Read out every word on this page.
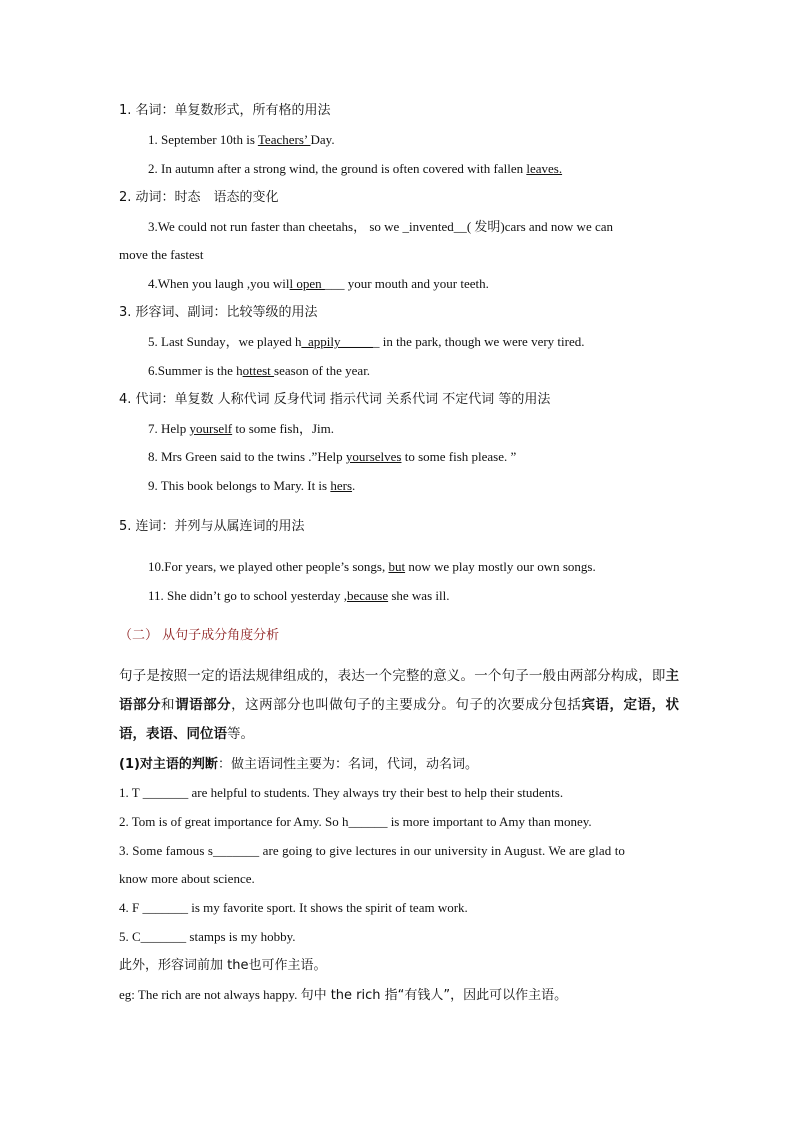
1. 名词：单复数形式，所有格的用法
1. September 10th is Teachers’ Day.
2. In autumn after a strong wind, the ground is often covered with fallen leaves.
2. 动词：时态　语态的变化
3.We could not run faster than cheetahs， so we _invented__( 发明)cars and now we can
move the fastest
4.When you laugh ,you will open ___ your mouth and your teeth.
3. 形容词、副词：比较等级的用法
5. Last Sunday，we played h_appily______ in the park, though we were very tired.
6.Summer is the hottest season of the year.
4. 代词：单复数 人称代词 反身代词 指示代词 关系代词 不定代词 等的用法
7. Help yourself to some fish，Jim.
8. Mrs Green said to the twins .”Help yourselves to some fish please. ”
9. This book belongs to Mary. It is hers.
5. 连词：并列与从属连词的用法
10.For years, we played other people’s songs, but now we play mostly our own songs.
11. She didn’t go to school yesterday ,because she was ill.
（二） 从句子成分角度分析
句子是按照一定的语法规律组成的，表达一个完整的意义。一个句子一般由两部分构成，即主语部分和谓语部分，这两部分也叫做句子的主要成分。句子的次要成分包括宾语，定语，状语，表语、同位语等。
(1)对主语的判断：做主语词性主要为：名词，代词，动名词。
1. T _______ are helpful to students. They always try their best to help their students.
2. Tom is of great importance for Amy. So h______ is more important to Amy than money.
3. Some famous s_______ are going to give lectures in our university in August. We are glad to
know more about science.
4. F _______ is my favorite sport. It shows the spirit of team work.
5. C_______ stamps is my hobby.
此外，形容词前加 the也可作主语。
eg: The rich are not always happy. 句中 the rich 指“有钱人”，因此可以作主语。
